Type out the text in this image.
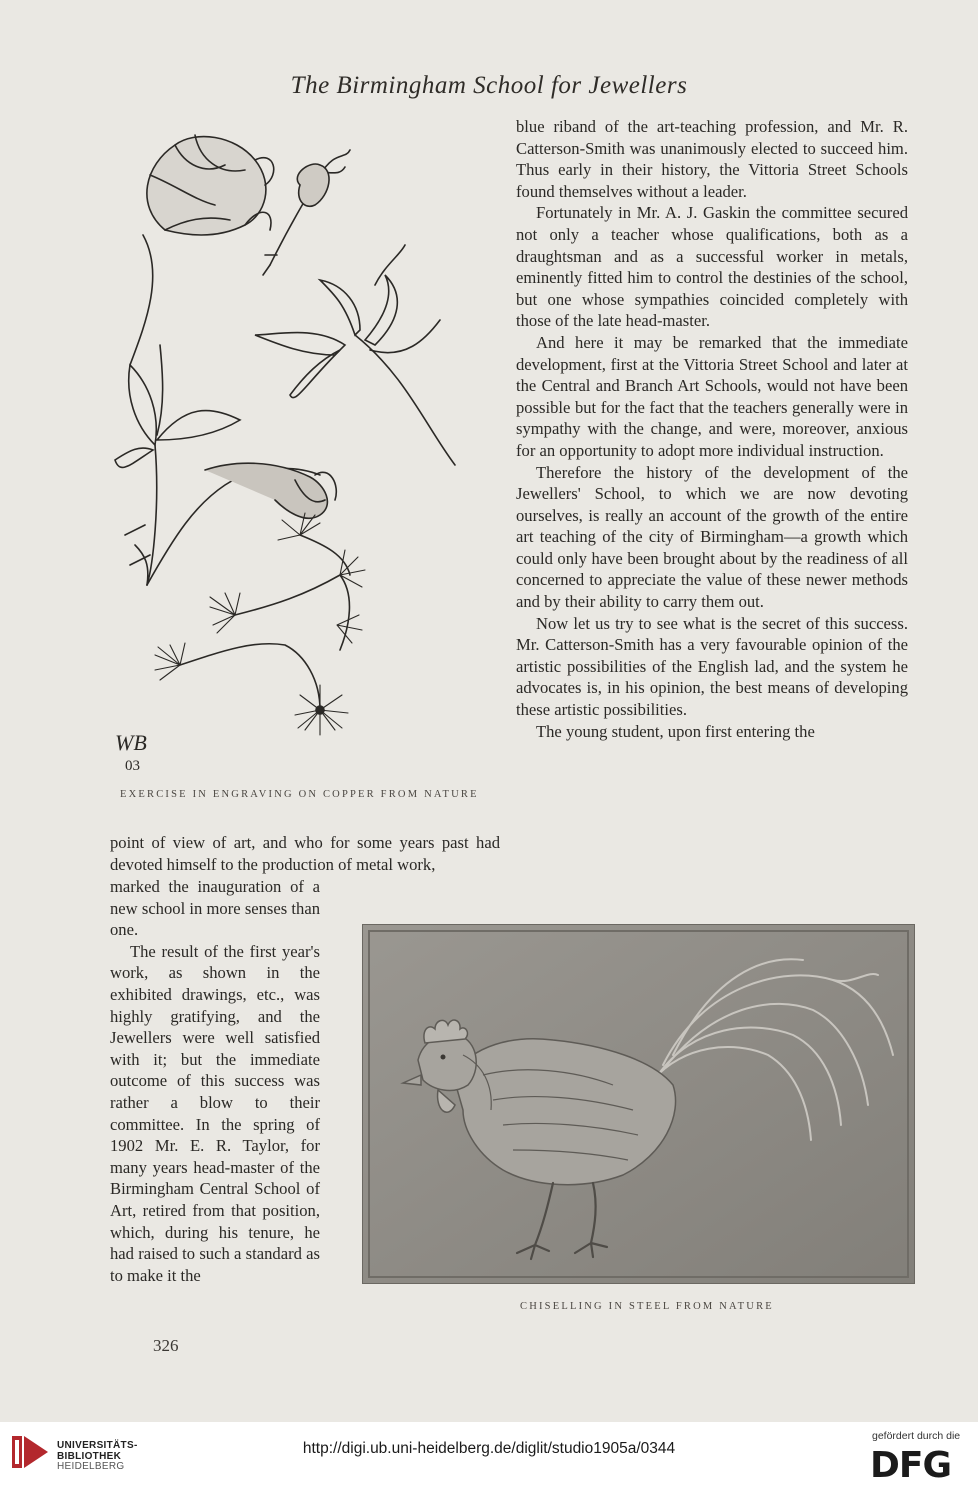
The Birmingham School for Jewellers
WB
03
EXERCISE IN ENGRAVING ON COPPER FROM NATURE

blue riband of the art-teaching profession, and Mr. R. Catterson-Smith was unanimously elected to succeed him. Thus early in their history, the Vittoria Street Schools found themselves without a leader.

Fortunately in Mr. A. J. Gaskin the committee secured not only a teacher whose qualifications, both as a draughtsman and as a successful worker in metals, eminently fitted him to control the destinies of the school, but one whose sympathies coincided completely with those of the late head-master.

And here it may be remarked that the immediate development, first at the Vittoria Street School and later at the Central and Branch Art Schools, would not have been possible but for the fact that the teachers generally were in sympathy with the change, and were, moreover, anxious for an opportunity to adopt more individual instruction.

Therefore the history of the development of the Jewellers' School, to which we are now devoting ourselves, is really an account of the growth of the entire art teaching of the city of Birmingham—a growth which could only have been brought about by the readiness of all concerned to appreciate the value of these newer methods and by their ability to carry them out.

Now let us try to see what is the secret of this success. Mr. Catterson-Smith has a very favourable opinion of the artistic possibilities of the English lad, and the system he advocates is, in his opinion, the best means of developing these artistic possibilities.

The young student, upon first entering the

point of view of art, and who for some years past had devoted himself to the production of metal work,

marked the inauguration of a new school in more senses than one.

The result of the first year's work, as shown in the exhibited drawings, etc., was highly gratifying, and the Jewellers were well satisfied with it; but the immediate outcome of this success was rather a blow to their committee. In the spring of 1902 Mr. E. R. Taylor, for many years head-master of the Birmingham Central School of Art, retired from that position, which, during his tenure, he had raised to such a standard as to make it the

CHISELLING IN STEEL FROM NATURE
326
UNIVERSITÄTS-
BIBLIOTHEK
HEIDELBERG
http://digi.ub.uni-heidelberg.de/diglit/studio1905a/0344
gefördert durch die
DFG
